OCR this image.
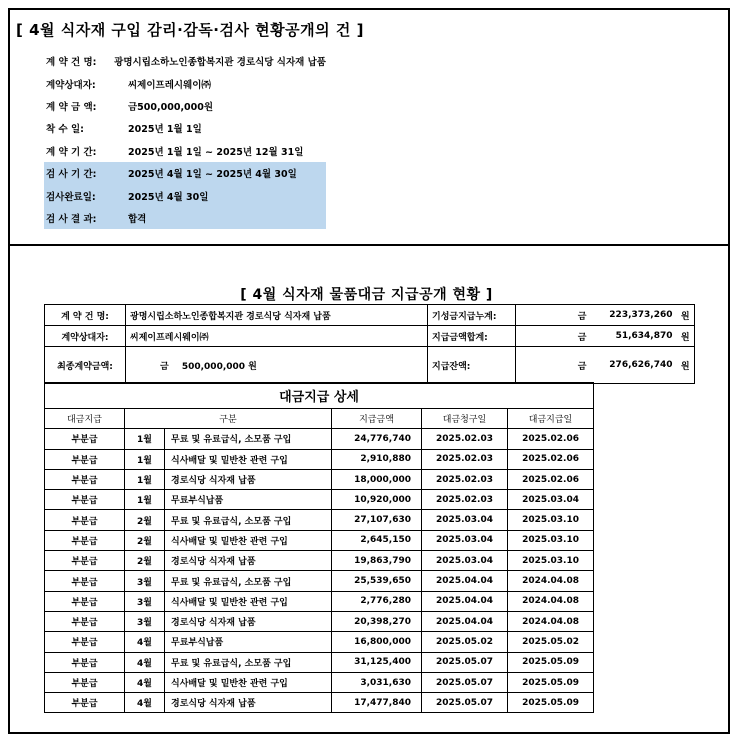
[ 4월 식자재 구입 감리·감독·검사 현황공개의 건 ]
계 약 건 명:	광명시립소하노인종합복지관 경로식당 식자재 납품
계약상대자:	씨제이프레시웨이㈜
계 약 금 액:	금500,000,000원
착 수 일:	2025년 1월 1일
계 약 기 간:	2025년 1월 1일 ~ 2025년 12월 31일
검 사 기 간:	2025년 4월 1일 ~ 2025년 4월 30일
검사완료일:	2025년 4월 30일
검 사 결 과:	합격
[ 4월 식자재 물품대금 지급공개 현황 ]
계 약 건 명:	광명시립소하노인종합복지관 경로식당 식자재 납품	기성금지급누계:	금	223,373,260	원
계약상대자:	씨제이프레시웨이㈜	지급금액합계:	금	51,634,870	원
최종계약금액:	금 500,000,000 원	지급잔액:	금	276,626,740	원
대금지급 상세					
대금지급	구분		지급금액	대금청구일	대금지급일
부분급	1월	무료 및 유료급식, 소모품 구입	24,776,740	2025.02.03	2025.02.06
부분급	1월	식사배달 및 밑반찬 관련 구입	2,910,880	2025.02.03	2025.02.06
부분급	1월	경로식당 식자재 납품	18,000,000	2025.02.03	2025.02.06
부분급	1월	무료부식납품	10,920,000	2025.02.03	2025.03.04
부분급	2월	무료 및 유료급식, 소모품 구입	27,107,630	2025.03.04	2025.03.10
부분급	2월	식사배달 및 밑반찬 관련 구입	2,645,150	2025.03.04	2025.03.10
부분급	2월	경로식당 식자재 납품	19,863,790	2025.03.04	2025.03.10
부분급	3월	무료 및 유료급식, 소모품 구입	25,539,650	2025.04.04	2024.04.08
부분급	3월	식사배달 및 밑반찬 관련 구입	2,776,280	2025.04.04	2024.04.08
부분급	3월	경로식당 식자재 납품	20,398,270	2025.04.04	2024.04.08
부분급	4월	무료부식납품	16,800,000	2025.05.02	2025.05.02
부분급	4월	무료 및 유료급식, 소모품 구입	31,125,400	2025.05.07	2025.05.09
부분급	4월	식사배달 및 밑반찬 관련 구입	3,031,630	2025.05.07	2025.05.09
부분급	4월	경로식당 식자재 납품	17,477,840	2025.05.07	2025.05.09
